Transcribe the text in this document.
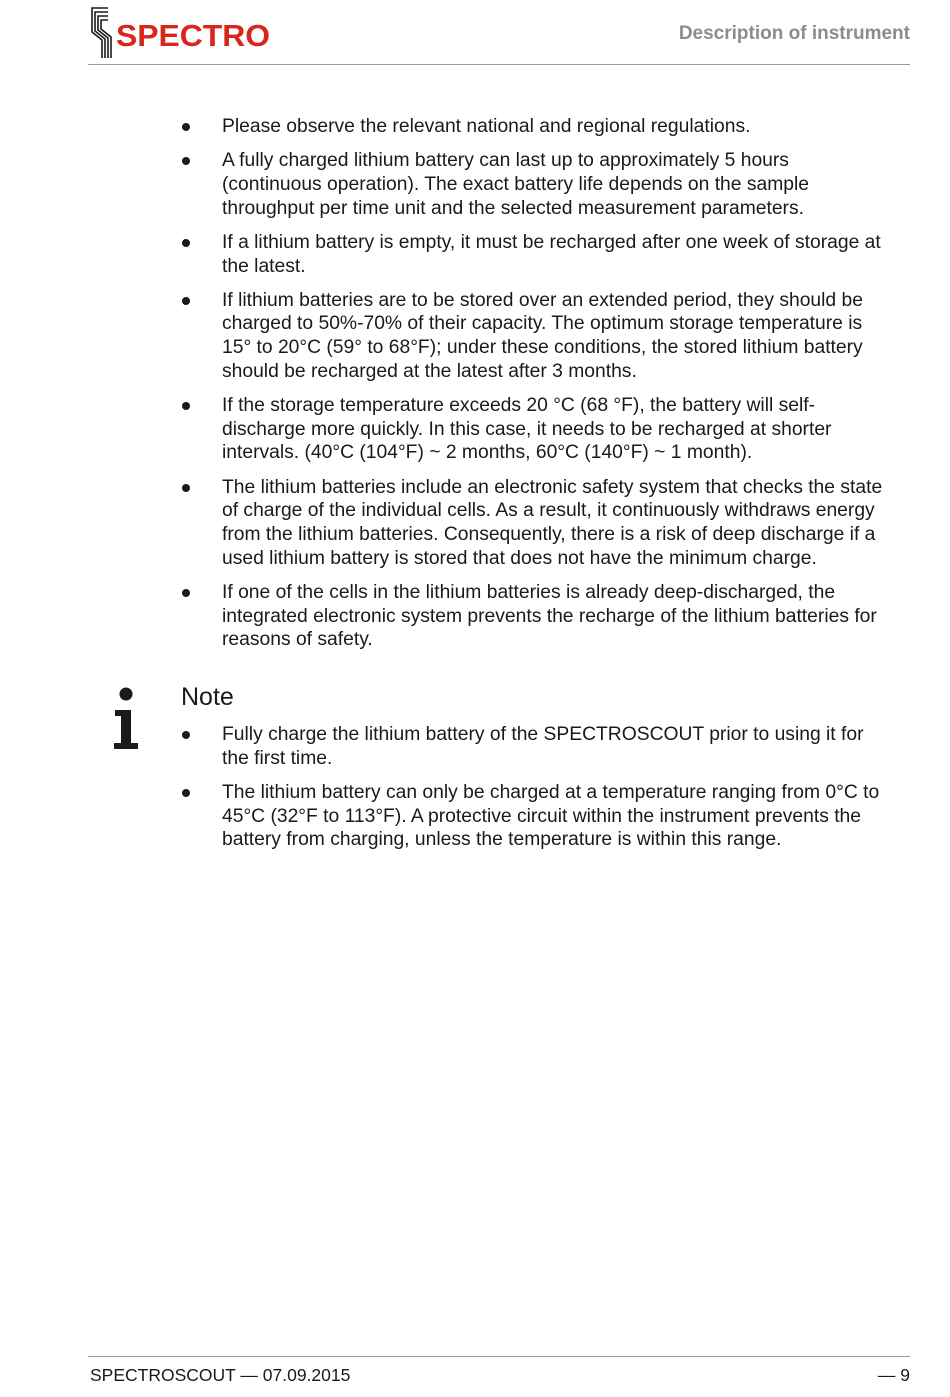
SPECTRO	Description of instrument
Please observe the relevant national and regional regulations.
A fully charged lithium battery can last up to approximately 5 hours
(continuous operation). The exact battery life depends on the sample
throughput per time unit and the selected measurement parameters.
If a lithium battery is empty, it must be recharged after one week of storage at
the latest.
If lithium batteries are to be stored over an extended period, they should be
charged to 50%-70% of their capacity. The optimum storage temperature is
15° to 20°C (59° to 68°F); under these conditions, the stored lithium battery
should be recharged at the latest after 3 months.
If the storage temperature exceeds 20 °C (68 °F), the battery will self-
discharge more quickly. In this case, it needs to be recharged at shorter
intervals. (40°C (104°F) ~ 2 months, 60°C (140°F) ~ 1 month).
The lithium batteries include an electronic safety system that checks the state
of charge of the individual cells. As a result, it continuously withdraws energy
from the lithium batteries. Consequently, there is a risk of deep discharge if a
used lithium battery is stored that does not have the minimum charge.
If one of the cells in the lithium batteries is already deep-discharged, the
integrated electronic system prevents the recharge of the lithium batteries for
reasons of safety.
Note
Fully charge the lithium battery of the SPECTROSCOUT prior to using it for
the first time.
The lithium battery can only be charged at a temperature ranging from 0°C to
45°C (32°F to 113°F). A protective circuit within the instrument prevents the
battery from charging, unless the temperature is within this range.
SPECTROSCOUT — 07.09.2015	— 9
